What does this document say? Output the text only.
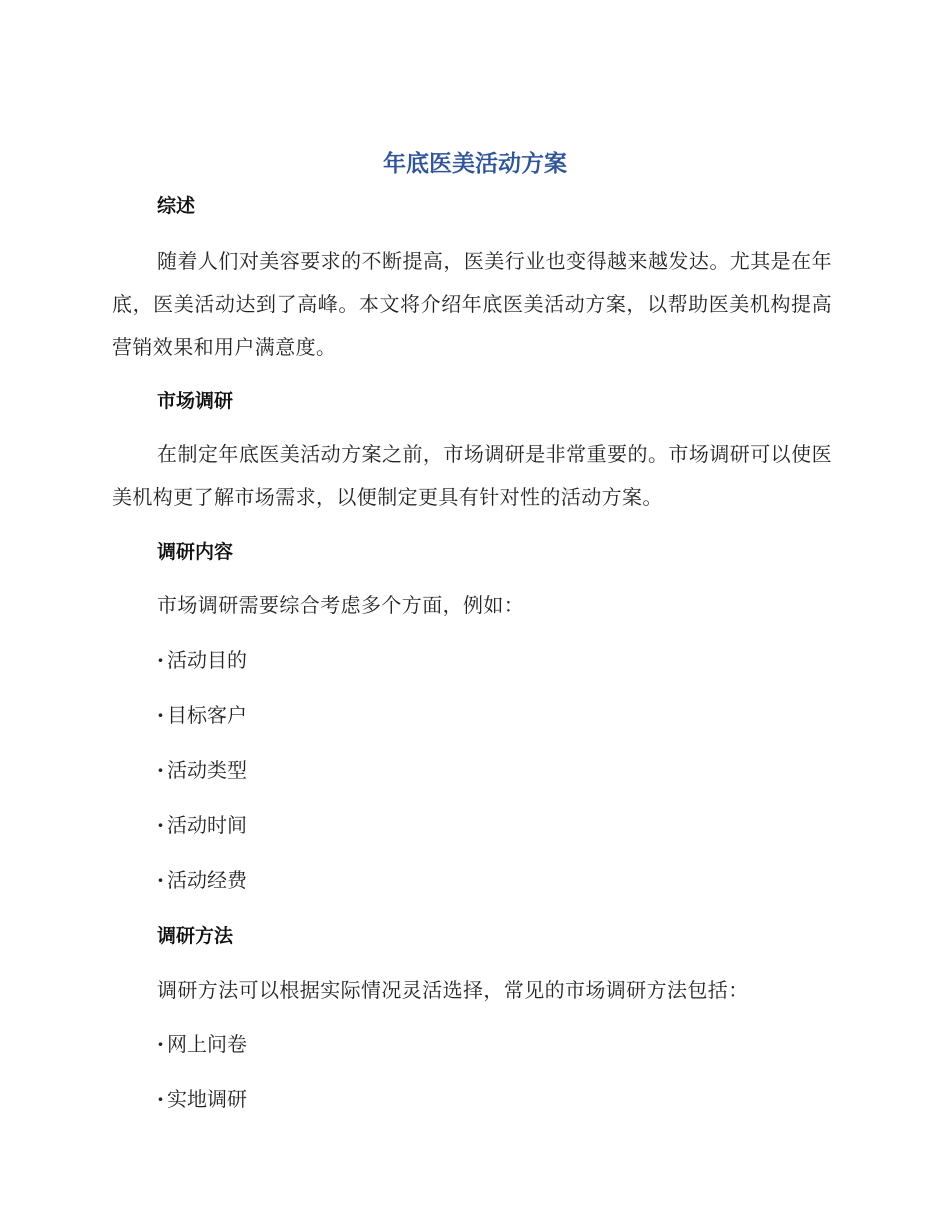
年底医美活动方案
综述
随着人们对美容要求的不断提高，医美行业也变得越来越发达。尤其是在年底，医美活动达到了高峰。本文将介绍年底医美活动方案，以帮助医美机构提高营销效果和用户满意度。
市场调研
在制定年底医美活动方案之前，市场调研是非常重要的。市场调研可以使医美机构更了解市场需求，以便制定更具有针对性的活动方案。
调研内容
市场调研需要综合考虑多个方面，例如：
· 活动目的
· 目标客户
· 活动类型
· 活动时间
· 活动经费
调研方法
调研方法可以根据实际情况灵活选择，常见的市场调研方法包括：
· 网上问卷
· 实地调研
